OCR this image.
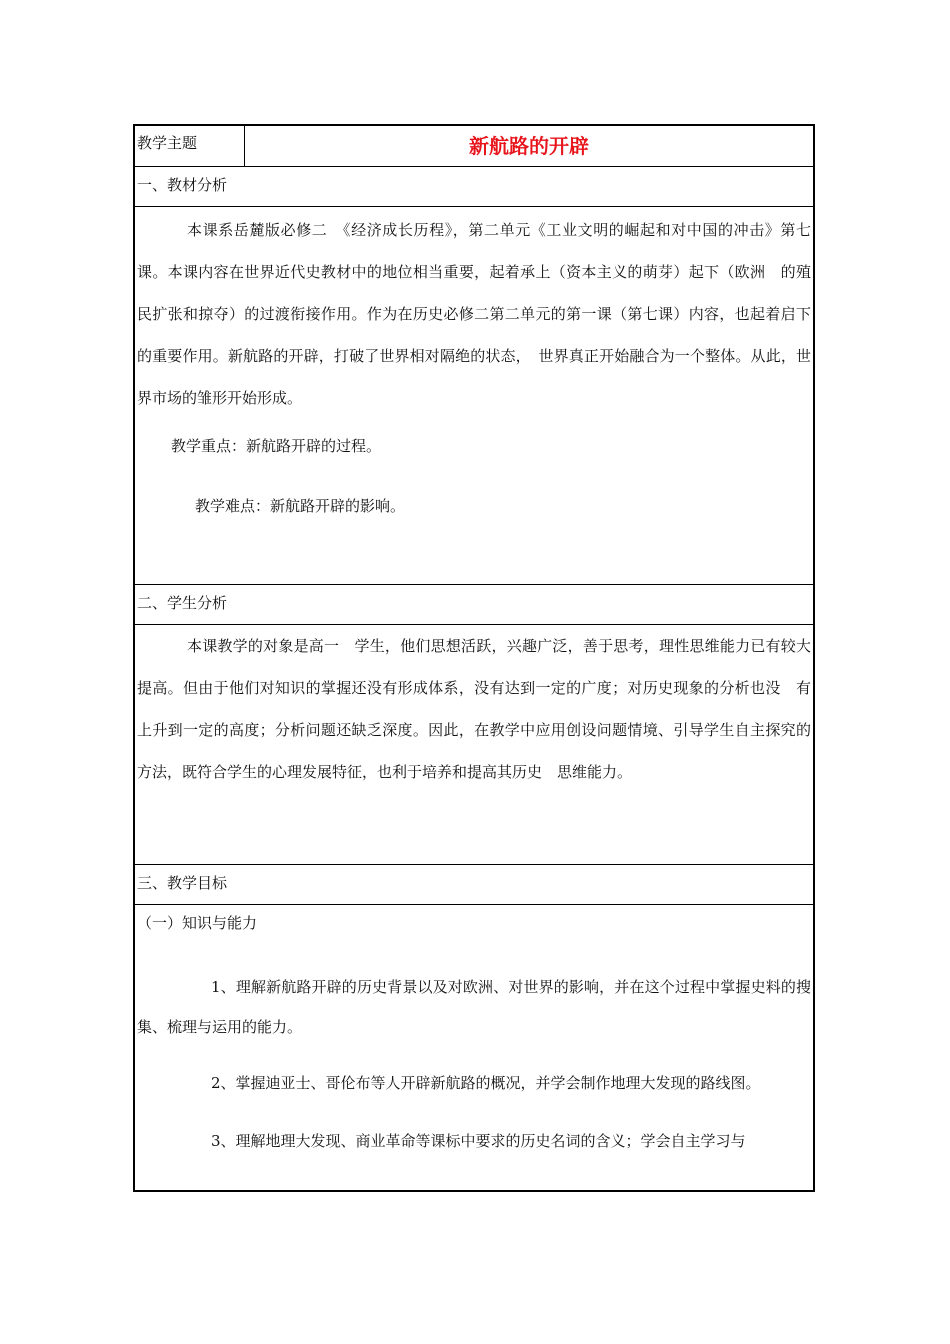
教学主题	新航路的开辟
一、教材分析

本课系岳麓版必修二　《经济成长历程》，第二单元《工业文明的崛起和对中国的冲击》第七课。本课内容在世界近代史教材中的地位相当重要，起着承上（资本主义的萌芽）起下（欧洲　的殖民扩张和掠夺）的过渡衔接作用。作为在历史必修二第二单元的第一课（第七课）内容，也起着启下的重要作用。新航路的开辟，打破了世界相对隔绝的状态，　世界真正开始融合为一个整体。从此，世界市场的雏形开始形成。

教学重点：新航路开辟的过程。
教学难点：新航路开辟的影响。
二、学生分析

本课教学的对象是高一　学生，他们思想活跃，兴趣广泛，善于思考，理性思维能力已有较大提高。但由于他们对知识的掌握还没有形成体系，没有达到一定的广度；对历史现象的分析也没　有上升到一定的高度；分析问题还缺乏深度。因此，在教学中应用创设问题情境、引导学生自主探究的方法，既符合学生的心理发展特征，也利于培养和提高其历史　思维能力。

三、教学目标
（一）知识与能力

1、理解新航路开辟的历史背景以及对欧洲、对世界的影响，并在这个过程中掌握史料的搜集、梳理与运用的能力。

2、掌握迪亚士、哥伦布等人开辟新航路的概况，并学会制作地理大发现的路线图。

3、理解地理大发现、商业革命等课标中要求的历史名词的含义；学会自主学习与
